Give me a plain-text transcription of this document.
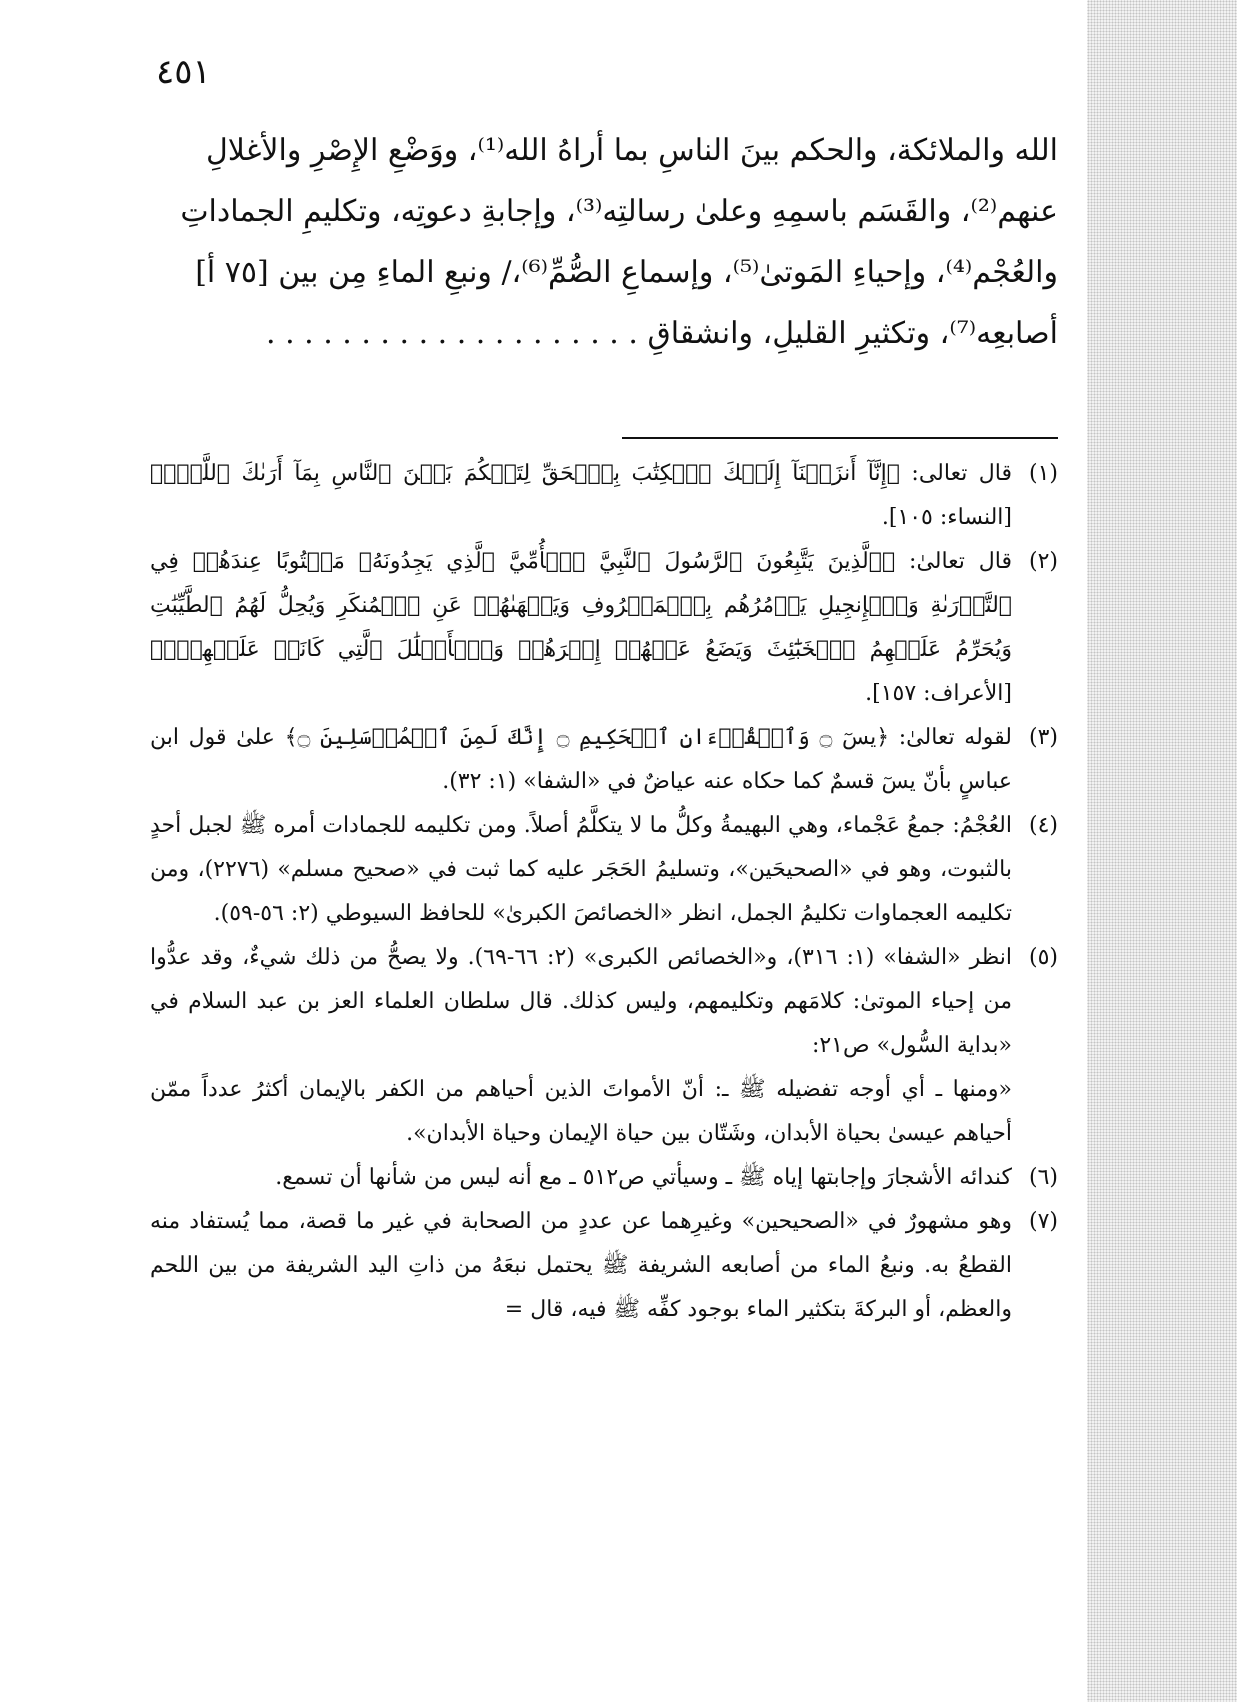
٤٥١

الله والملائكة، والحكم بينَ الناسِ بما أراهُ الله⁽¹⁾، ووَضْعِ الإِصْرِ والأغلالِ

عنهم⁽²⁾، والقَسَم باسمِهِ وعلىٰ رسالتِه⁽³⁾، وإجابةِ دعوتِه، وتكليمِ الجماداتِ

والعُجْم⁽⁴⁾، وإحياءِ المَوتىٰ⁽⁵⁾، وإسماعِ الصُّمِّ⁽⁶⁾،/ ونبعِ الماءِ مِن بين [٧٥ أ]

أصابعِه⁽⁷⁾، وتكثيرِ القليلِ، وانشقاقِ . . . . . . . . . . . . . . . . . . . .

(١)

قال تعالى: ﴿إِنَّآ أَنزَلۡنَآ إِلَيۡكَ ٱلۡكِتَٰبَ بِٱلۡحَقِّ لِتَحۡكُمَ بَيۡنَ ٱلنَّاسِ بِمَآ أَرَىٰكَ ٱللَّهُۚ﴾ [النساء: ١٠٥].

(٢)

قال تعالىٰ: ﴿ٱلَّذِينَ يَتَّبِعُونَ ٱلرَّسُولَ ٱلنَّبِيَّ ٱلۡأُمِّيَّ ٱلَّذِي يَجِدُونَهُۥ مَكۡتُوبًا عِندَهُمۡ فِي ٱلتَّوۡرَىٰةِ وَٱلۡإِنجِيلِ يَأۡمُرُهُم بِٱلۡمَعۡرُوفِ وَيَنۡهَىٰهُمۡ عَنِ ٱلۡمُنكَرِ وَيُحِلُّ لَهُمُ ٱلطَّيِّبَٰتِ وَيُحَرِّمُ عَلَيۡهِمُ ٱلۡخَبَٰٓئِثَ وَيَضَعُ عَنۡهُمۡ إِصۡرَهُمۡ وَٱلۡأَغۡلَٰلَ ٱلَّتِي كَانَتۡ عَلَيۡهِمۡۚ﴾ [الأعراف: ١٥٧].

(٣)

لقوله تعالىٰ: ﴿يسٓ ۝ وَٱلۡقُرۡءَانِ ٱلۡحَكِيمِ ۝ إِنَّكَ لَمِنَ ٱلۡمُرۡسَلِينَ ۝﴾ علىٰ قول ابن عباسٍ بأنّ يسٓ قسمٌ كما حكاه عنه عياضٌ في «الشفا» (١: ٣٢).

(٤)

العُجْمُ: جمعُ عَجْماء، وهي البهيمةُ وكلُّ ما لا يتكلَّمُ أصلاً. ومن تكليمه للجمادات أمره ﷺ لجبل أحدٍ بالثبوت، وهو في «الصحيحَين»، وتسليمُ الحَجَر عليه كما ثبت في «صحيح مسلم» (٢٢٧٦)، ومن تكليمه العجماوات تكليمُ الجمل، انظر «الخصائصَ الكبرىٰ» للحافظ السيوطي (٢: ٥٦-٥٩).

(٥)

انظر «الشفا» (١: ٣١٦)، و«الخصائص الكبرى» (٢: ٦٦-٦٩). ولا يصحُّ من ذلك شيءٌ، وقد عدُّوا من إحياء الموتىٰ: كلامَهم وتكليمهم، وليس كذلك. قال سلطان العلماء العز بن عبد السلام في «بداية السُّول» ص٢١:

«ومنها ـ أي أوجه تفضيله ﷺ ـ: أنّ الأمواتَ الذين أحياهم من الكفر بالإيمان أكثرُ عدداً ممّن أحياهم عيسىٰ بحياة الأبدان، وشَتّان بين حياة الإيمان وحياة الأبدان».

(٦)

كندائه الأشجارَ وإجابتها إياه ﷺ ـ وسيأتي ص٥١٢ ـ مع أنه ليس من شأنها أن تسمع.

(٧)

وهو مشهورٌ في «الصحيحين» وغيرِهما عن عددٍ من الصحابة في غير ما قصة، مما يُستفاد منه القطعُ به. ونبعُ الماء من أصابعه الشريفة ﷺ يحتمل نبعَهُ من ذاتِ اليد الشريفة من بين اللحم والعظم، أو البركةَ بتكثير الماء بوجود كفِّه ﷺ فيه، قال =
